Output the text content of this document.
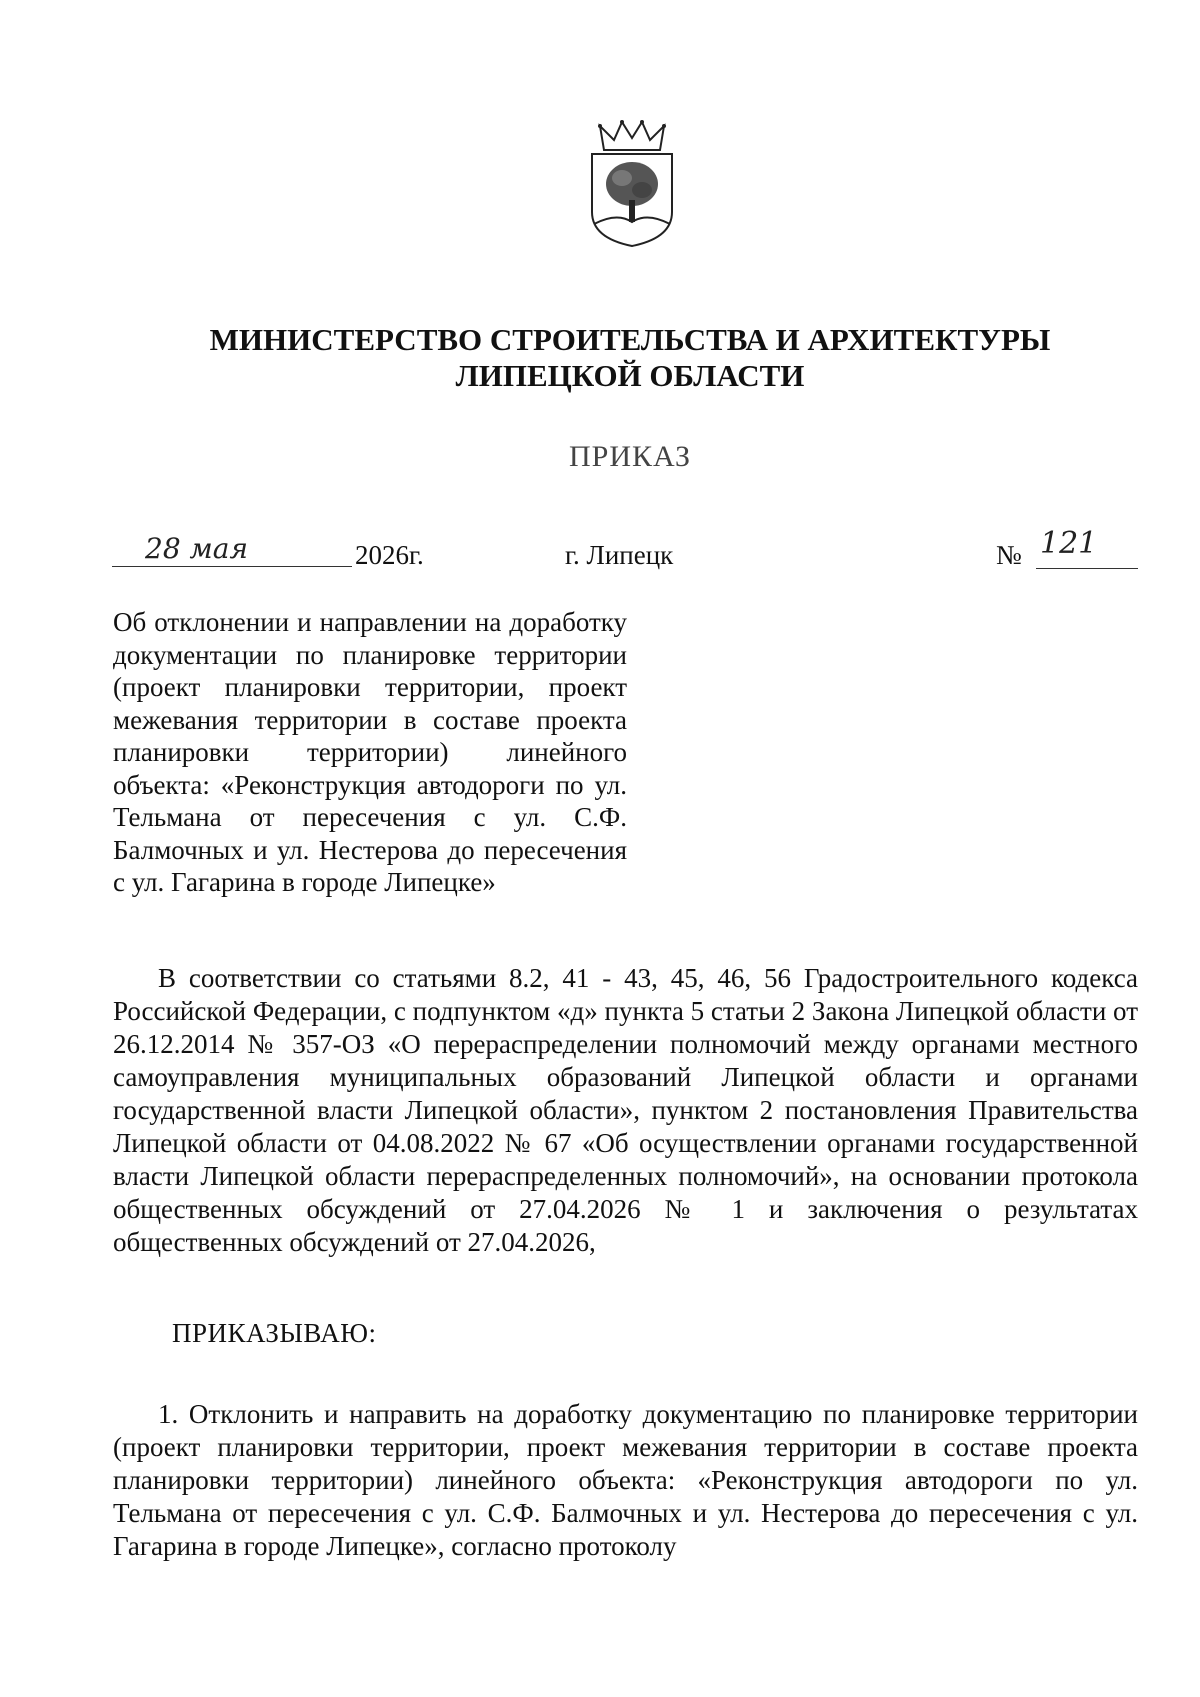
МИНИСТЕРСТВО СТРОИТЕЛЬСТВА И АРХИТЕКТУРЫ
ЛИПЕЦКОЙ ОБЛАСТИ
ПРИКАЗ
28 мая	2026г.	г. Липецк	№ 121
Об отклонении и направлении на доработку документации по планировке территории (проект планировки территории, проект межевания территории в составе проекта планировки территории) линейного объекта: «Реконструкция автодороги по ул. Тельмана от пересечения с ул. С.Ф. Балмочных и ул. Нестерова до пересечения с ул. Гагарина в городе Липецке»
В соответствии со статьями 8.2, 41 - 43, 45, 46, 56 Градостроительного кодекса Российской Федерации, с подпунктом «д» пункта 5 статьи 2 Закона Липецкой области от 26.12.2014 № 357-ОЗ «О перераспределении полномочий между органами местного самоуправления муниципальных образований Липецкой области и органами государственной власти Липецкой области», пунктом 2 постановления Правительства Липецкой области от 04.08.2022 № 67 «Об осуществлении органами государственной власти Липецкой области перераспределенных полномочий», на основании протокола общественных обсуждений от 27.04.2026 № 1 и заключения о результатах общественных обсуждений от 27.04.2026,
ПРИКАЗЫВАЮ:
1. Отклонить и направить на доработку документацию по планировке территории (проект планировки территории, проект межевания территории в составе проекта планировки территории) линейного объекта: «Реконструкция автодороги по ул. Тельмана от пересечения с ул. С.Ф. Балмочных и ул. Нестерова до пересечения с ул. Гагарина в городе Липецке», согласно протоколу
